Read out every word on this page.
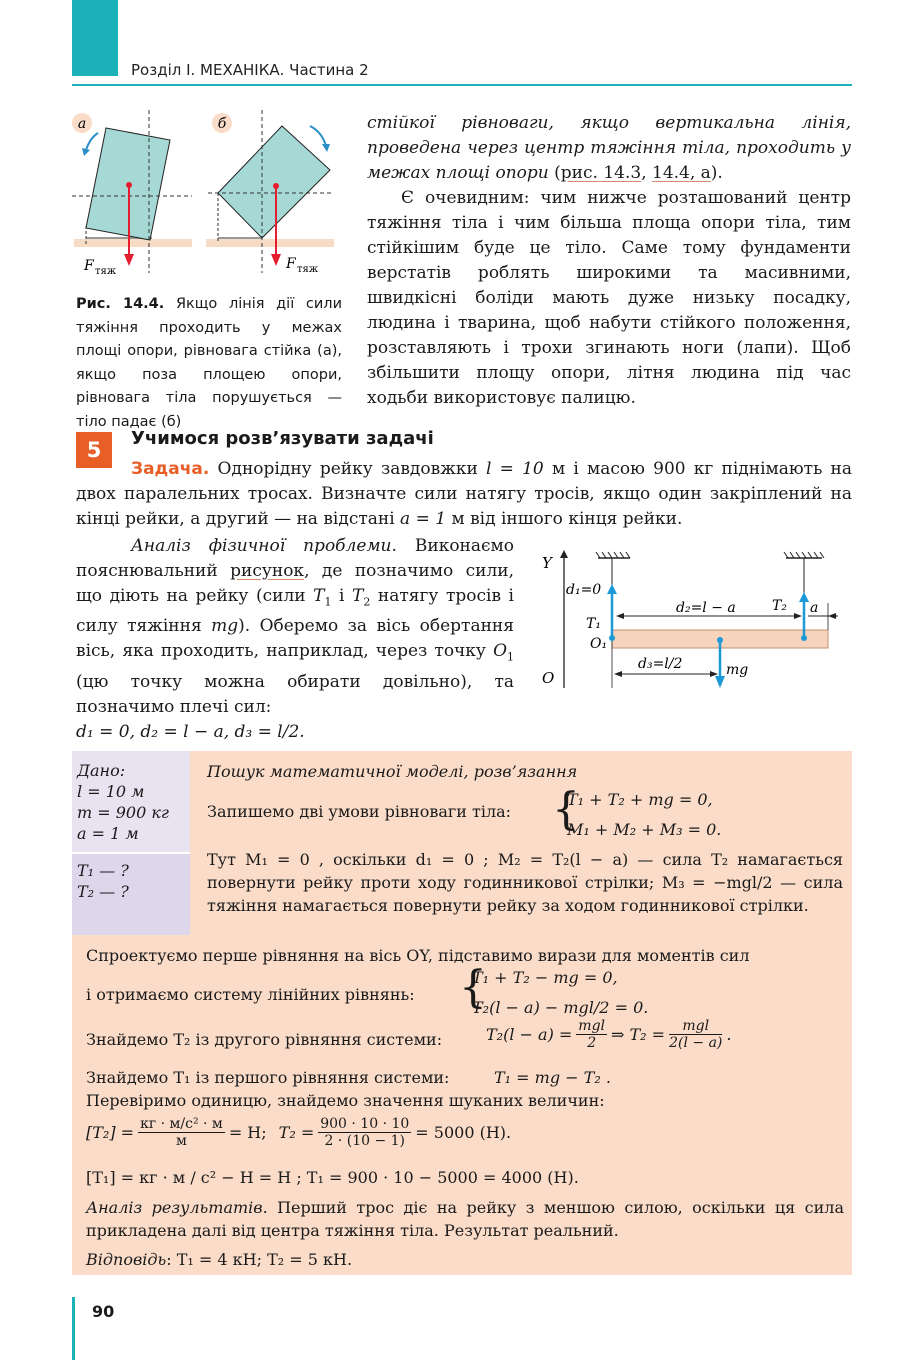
Розділ I. МЕХАНІКА. Частина 2
а	б
F тяж	F тяж
Рис. 14.4. Якщо лінія дії сили тяжіння проходить у межах площі опори, рівновага стійка (а), якщо поза площею опори, рівновага тіла порушується — тіло падає (б)
стійкої рівноваги, якщо вертикальна лінія, проведена через центр тяжіння тіла, проходить у межах площі опори (рис. 14.3, 14.4, а).
Є очевидним: чим нижче розташований центр тяжіння тіла і чим більша площа опори тіла, тим стійкішим буде це тіло. Саме тому фундаменти верстатів роблять широкими та масивними, швидкісні боліди мають дуже низьку посадку, людина і тварина, щоб набути стійкого положення, розставляють і трохи згинають ноги (лапи). Щоб збільшити площу опори, літня людина під час ходьби використовує палицю.
5	Учимося розв’язувати задачі
Задача. Однорідну рейку завдовжки l = 10 м і масою 900 кг піднімають на двох паралельних тросах. Визначте сили натягу тросів, якщо один закріплений на кінці рейки, а другий — на відстані a = 1 м від іншого кінця рейки.
Аналіз фізичної проблеми. Виконаємо пояснювальний рисунок, де позначимо сили, що діють на рейку (сили $T_1$ і $T_2$ натягу тросів і силу тяжіння mg). Оберемо за вісь обертання вісь, яка проходить, наприклад, через точку $O_1$ (цю точку можна обирати довільно), та позначимо плечі сил:
d₁ = 0, d₂ = l − a, d₃ = l/2.
Y
O
d₁=0
T₁
O₁
d₂=l − a	T₂ a
d₃=l/2	mg
Дано:
l = 10 м
m = 900 кг
a = 1 м
T₁ — ?
T₂ — ?
Пошук математичної моделі, розв’язання
Запишемо дві умови рівноваги тіла: {
T₁ + T₂ + mg = 0,
M₁ + M₂ + M₃ = 0.
Тут M₁ = 0 , оскільки d₁ = 0 ; M₂ = T₂(l − a) — сила T₂ намагається повернути рейку проти ходу годинникової стрілки; M₃ = −mgl/2 — сила тяжіння намагається повернути рейку за ходом годинникової стрілки.
Спроектуємо перше рівняння на вісь OY, підставимо вирази для моментів сил
і отримаємо систему лінійних рівнянь: {
T₁ + T₂ − mg = 0,
T₂(l − a) − mgl/2 = 0.
Знайдемо T₂ із другого рівняння системи:	$T_2(l - a) = \frac{\text{mgl}}{2}$ ⇒ $T_2 = \frac{\text{mgl}}{2(l - a)}$ .
Знайдемо T₁ із першого рівняння системи:	T₁ = mg − T₂ .
Перевіримо одиницю, знайдемо значення шуканих величин:
$[T_2] = \frac{\text{кг · м/с² · м}}{м} = Н$; $T_2 = \frac{900 \cdot 10 \cdot 10}{2 \cdot (10 - 1)} = 5000$ (Н).
[T₁] = кг · м / с² − Н = Н ; T₁ = 900 · 10 − 5000 = 4000 (Н).
Аналіз результатів. Перший трос діє на рейку з меншою силою, оскільки ця сила прикладена далі від центра тяжіння тіла. Результат реальний.
Відповідь: T₁ = 4 кН; T₂ = 5 кН.
90
